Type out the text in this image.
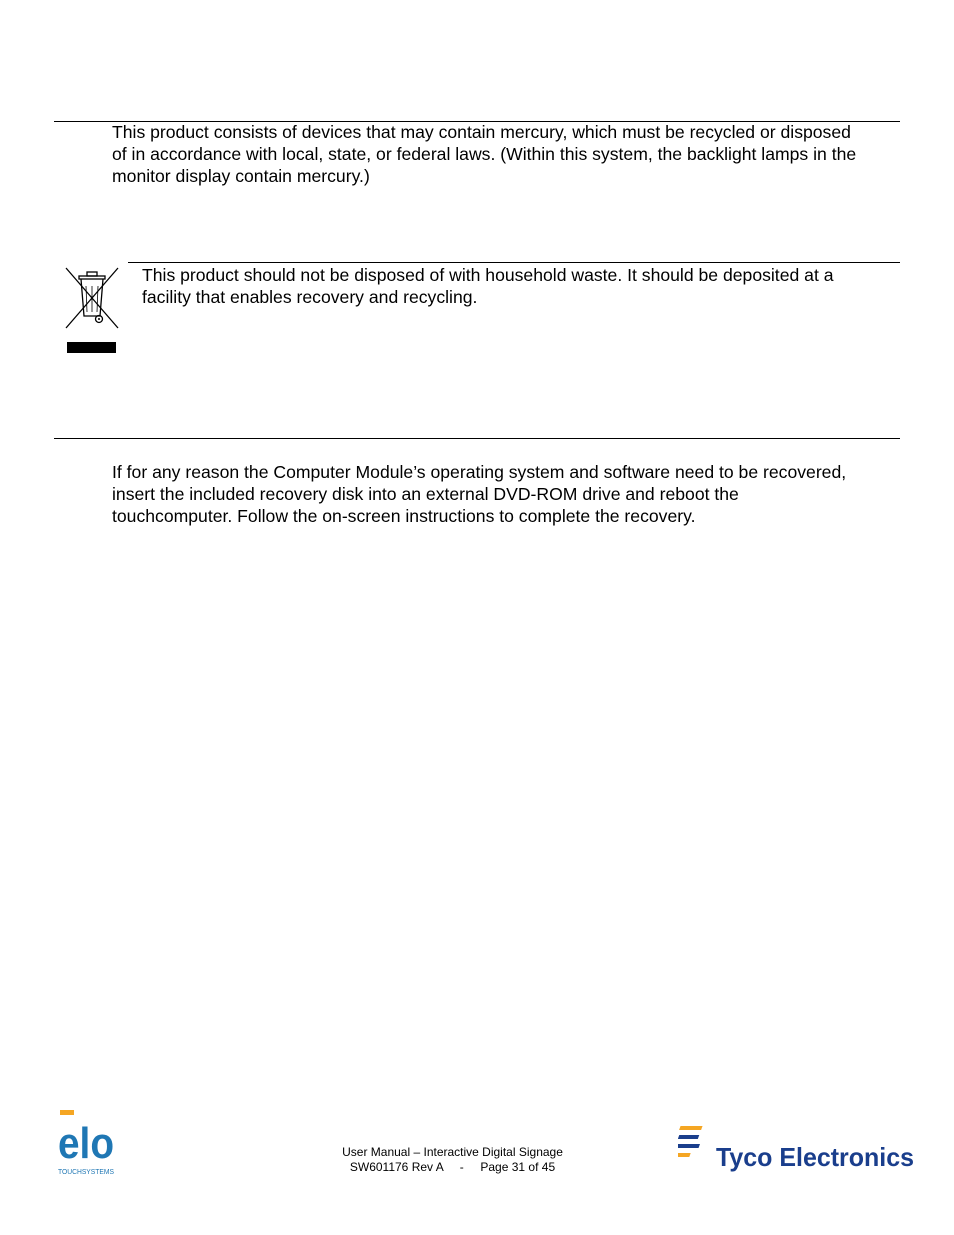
This product consists of devices that may contain mercury, which must be recycled or disposed
of in accordance with local, state, or federal laws. (Within this system, the backlight lamps in the
monitor display contain mercury.)

This product should not be disposed of with household waste. It should be deposited at a
facility that enables recovery and recycling.

If for any reason the Computer Module’s operating system and software need to be recovered,
insert the included recovery disk into an external DVD-ROM drive and reboot the
touchcomputer. Follow the on-screen instructions to complete the recovery.

elo
TOUCHSYSTEMS
User Manual – Interactive Digital Signage
SW601176 Rev A     -     Page 31 of 45	Tyco Electronics
